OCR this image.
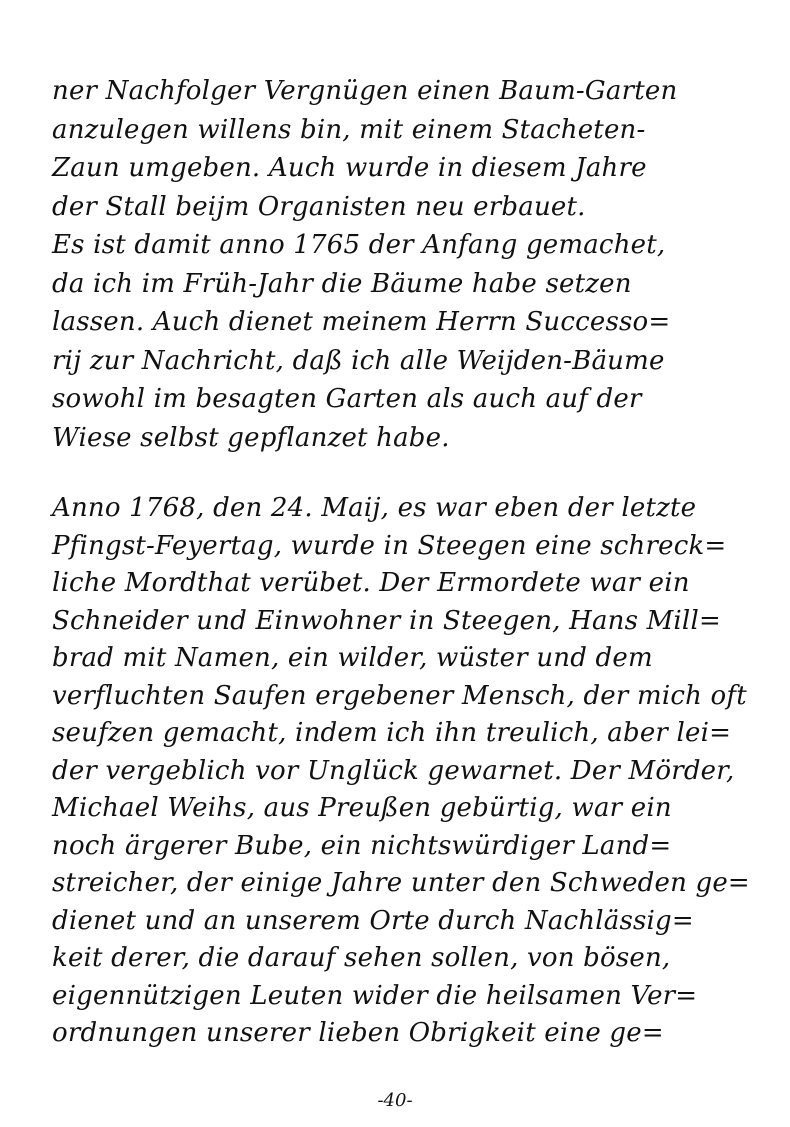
ner Nachfolger Vergnügen einen Baum-Garten
anzulegen willens bin, mit einem Stacheten-
Zaun umgeben. Auch wurde in diesem Jahre
der Stall beijm Organisten neu erbauet.
Es ist damit anno 1765 der Anfang gemachet,
da ich im Früh-Jahr die Bäume habe setzen
lassen. Auch dienet meinem Herrn Successo=
rij zur Nachricht, daß ich alle Weijden-Bäume
sowohl im besagten Garten als auch auf der
Wiese selbst gepflanzet habe.
Anno 1768, den 24. Maij, es war eben der letzte
Pfingst-Feyertag, wurde in Steegen eine schreck=
liche Mordthat verübet. Der Ermordete war ein
Schneider und Einwohner in Steegen, Hans Mill=
brad mit Namen, ein wilder, wüster und dem
verfluchten Saufen ergebener Mensch, der mich oft
seufzen gemacht, indem ich ihn treulich, aber lei=
der vergeblich vor Unglück gewarnet. Der Mörder,
Michael Weihs, aus Preußen gebürtig, war ein
noch ärgerer Bube, ein nichtswürdiger Land=
streicher, der einige Jahre unter den Schweden ge=
dienet und an unserem Orte durch Nachlässig=
keit derer, die darauf sehen sollen, von bösen,
eigennützigen Leuten wider die heilsamen Ver=
ordnungen unserer lieben Obrigkeit eine ge=
-40-
